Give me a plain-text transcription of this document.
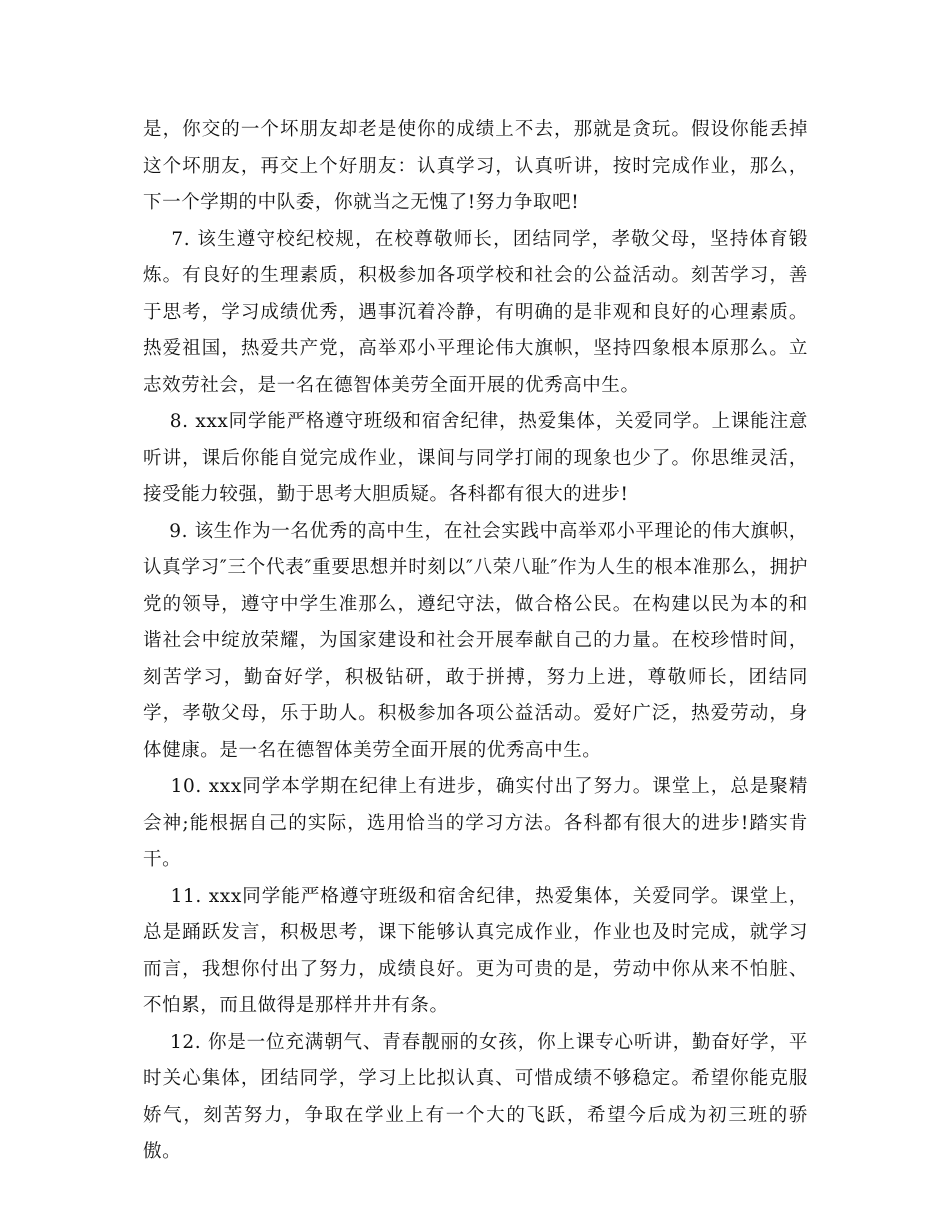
是，你交的一个坏朋友却老是使你的成绩上不去，那就是贪玩。假设你能丢掉这个坏朋友，再交上个好朋友：认真学习，认真听讲，按时完成作业，那么，下一个学期的中队委，你就当之无愧了!努力争取吧!

7. 该生遵守校纪校规，在校尊敬师长，团结同学，孝敬父母，坚持体育锻炼。有良好的生理素质，积极参加各项学校和社会的公益活动。刻苦学习，善于思考，学习成绩优秀，遇事沉着冷静，有明确的是非观和良好的心理素质。热爱祖国，热爱共产党，高举邓小平理论伟大旗帜，坚持四象根本原那么。立志效劳社会，是一名在德智体美劳全面开展的优秀高中生。

8. xxx同学能严格遵守班级和宿舍纪律，热爱集体，关爱同学。上课能注意听讲，课后你能自觉完成作业，课间与同学打闹的现象也少了。你思维灵活，接受能力较强，勤于思考大胆质疑。各科都有很大的进步!

9. 该生作为一名优秀的高中生，在社会实践中高举邓小平理论的伟大旗帜，认真学习″三个代表″重要思想并时刻以″八荣八耻″作为人生的根本准那么，拥护党的领导，遵守中学生准那么，遵纪守法，做合格公民。在构建以民为本的和谐社会中绽放荣耀，为国家建设和社会开展奉献自己的力量。在校珍惜时间，刻苦学习，勤奋好学，积极钻研，敢于拼搏，努力上进，尊敬师长，团结同学，孝敬父母，乐于助人。积极参加各项公益活动。爱好广泛，热爱劳动，身体健康。是一名在德智体美劳全面开展的优秀高中生。

10. xxx同学本学期在纪律上有进步，确实付出了努力。课堂上，总是聚精会神;能根据自己的实际，选用恰当的学习方法。各科都有很大的进步!踏实肯干。

11. xxx同学能严格遵守班级和宿舍纪律，热爱集体，关爱同学。课堂上，总是踊跃发言，积极思考，课下能够认真完成作业，作业也及时完成，就学习而言，我想你付出了努力，成绩良好。更为可贵的是，劳动中你从来不怕脏、不怕累，而且做得是那样井井有条。

12. 你是一位充满朝气、青春靓丽的女孩，你上课专心听讲，勤奋好学，平时关心集体，团结同学，学习上比拟认真、可惜成绩不够稳定。希望你能克服娇气，刻苦努力，争取在学业上有一个大的飞跃，希望今后成为初三班的骄傲。
